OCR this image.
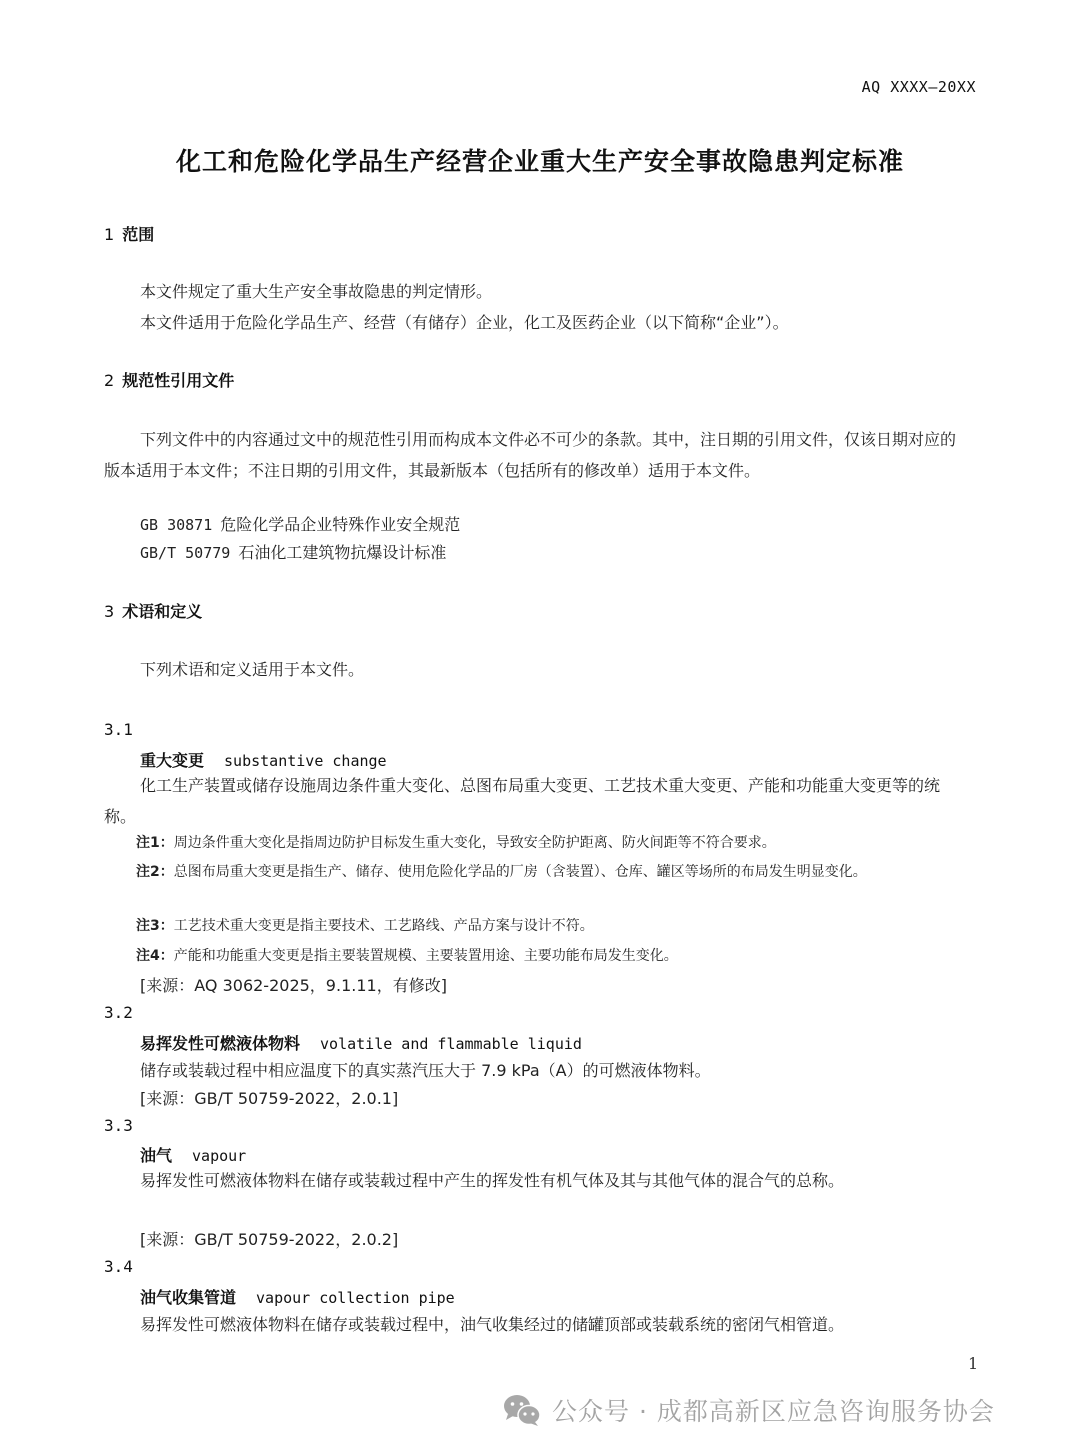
AQ XXXX—20XX
化工和危险化学品生产经营企业重大生产安全事故隐患判定标准
1 范围
本文件规定了重大生产安全事故隐患的判定情形。
本文件适用于危险化学品生产、经营（有储存）企业，化工及医药企业（以下简称“企业”）。
2 规范性引用文件
下列文件中的内容通过文中的规范性引用而构成本文件必不可少的条款。其中，注日期的引用文件，仅该日期对应的版本适用于本文件；不注日期的引用文件，其最新版本（包括所有的修改单）适用于本文件。
GB 30871 危险化学品企业特殊作业安全规范
GB/T 50779 石油化工建筑物抗爆设计标准
3 术语和定义
下列术语和定义适用于本文件。
3.1
重大变更 substantive change
化工生产装置或储存设施周边条件重大变化、总图布局重大变更、工艺技术重大变更、产能和功能重大变更等的统称。
注1：周边条件重大变化是指周边防护目标发生重大变化，导致安全防护距离、防火间距等不符合要求。
注2：总图布局重大变更是指生产、储存、使用危险化学品的厂房（含装置）、仓库、罐区等场所的布局发生明显变化。
注3：工艺技术重大变更是指主要技术、工艺路线、产品方案与设计不符。
注4：产能和功能重大变更是指主要装置规模、主要装置用途、主要功能布局发生变化。
[来源：AQ 3062-2025，9.1.11，有修改]
3.2
易挥发性可燃液体物料 volatile and flammable liquid
储存或装载过程中相应温度下的真实蒸汽压大于 7.9 kPa（A）的可燃液体物料。
[来源：GB/T 50759-2022，2.0.1]
3.3
油气 vapour
易挥发性可燃液体物料在储存或装载过程中产生的挥发性有机气体及其与其他气体的混合气的总称。
[来源：GB/T 50759-2022，2.0.2]
3.4
油气收集管道 vapour collection pipe
易挥发性可燃液体物料在储存或装载过程中，油气收集经过的储罐顶部或装载系统的密闭气相管道。
1
公众号 · 成都高新区应急咨询服务协会
